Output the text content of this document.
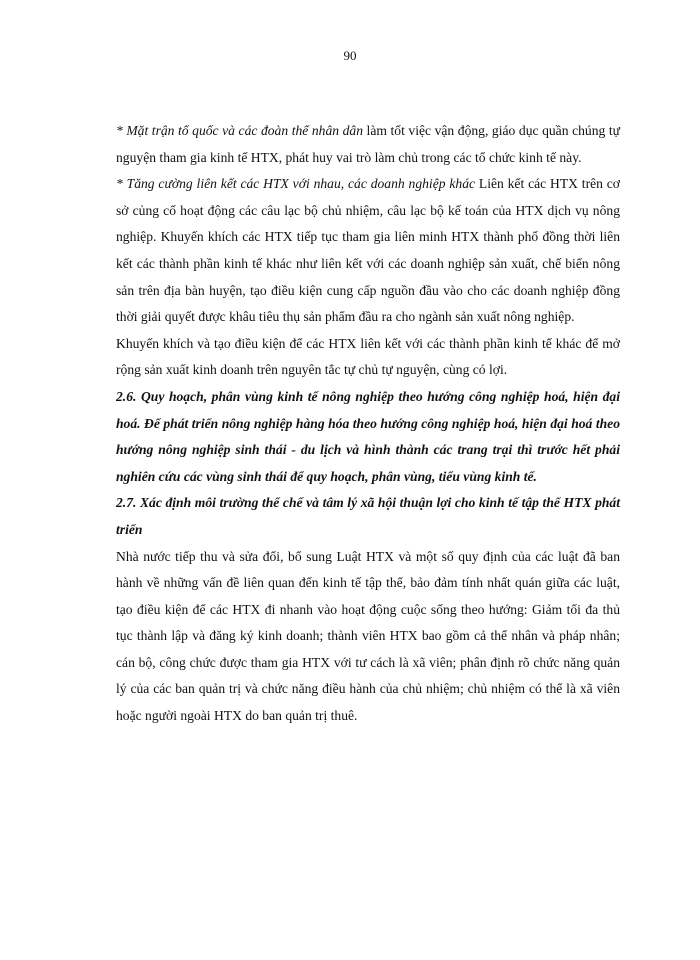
90

* Mặt trận tổ quốc và các đoàn thể nhân dân làm tốt việc vận động, giáo dục quần chúng tự nguyện tham gia kinh tế HTX, phát huy vai trò làm chủ trong các tổ chức kinh tế này.

* Tăng cường liên kết các HTX với nhau, các doanh nghiệp khác Liên kết các HTX trên cơ sở củng cố hoạt động các câu lạc bộ chủ nhiệm, câu lạc bộ kế toán của HTX dịch vụ nông nghiệp. Khuyến khích các HTX tiếp tục tham gia liên minh HTX thành phố đồng thời liên kết các thành phần kinh tế khác như liên kết với các doanh nghiệp sản xuất, chế biến nông sản trên địa bàn huyện, tạo điều kiện cung cấp nguồn đầu vào cho các doanh nghiệp đồng thời giải quyết được khâu tiêu thụ sản phẩm đầu ra cho ngành sản xuất nông nghiệp.

Khuyến khích và tạo điều kiện để các HTX liên kết với các thành phần kinh tế khác để mở rộng sản xuất kinh doanh trên nguyên tắc tự chủ tự nguyện, cùng có lợi.

2.6. Quy hoạch, phân vùng kinh tế nông nghiệp theo hướng công nghiệp hoá, hiện đại hoá. Để phát triển nông nghiệp hàng hóa theo hướng công nghiệp hoá, hiện đại hoá theo hướng nông nghiệp sinh thái - du lịch và hình thành các trang trại thì trước hết phải nghiên cứu các vùng sinh thái để quy hoạch, phân vùng, tiểu vùng kinh tế.

2.7. Xác định môi trường thể chế và tâm lý xã hội thuận lợi cho kinh tế tập thể HTX phát triển

Nhà nước tiếp thu và sửa đổi, bổ sung Luật HTX và một số quy định của các luật đã ban hành về những vấn đề liên quan đến kinh tế tập thể, bảo đảm tính nhất quán giữa các luật, tạo điều kiện để các HTX đi nhanh vào hoạt động cuộc sống theo hướng: Giảm tối đa thủ tục thành lập và đăng ký kinh doanh; thành viên HTX bao gồm cả thể nhân và pháp nhân; cán bộ, công chức được tham gia HTX với tư cách là xã viên; phân định rõ chức năng quản lý của các ban quản trị và chức năng điều hành của chủ nhiệm; chủ nhiệm có thể là xã viên hoặc người ngoài HTX do ban quản trị thuê.
